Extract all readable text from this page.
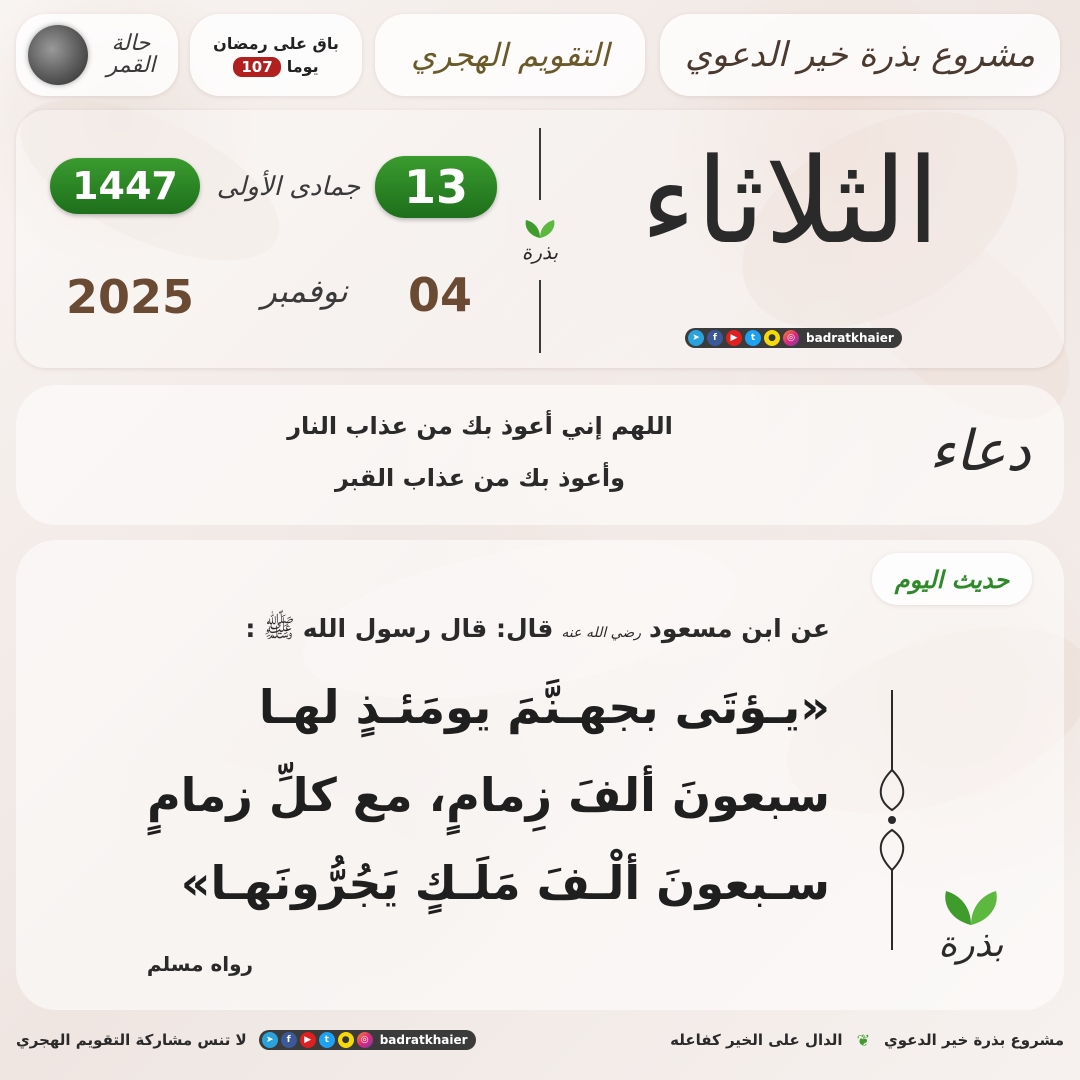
مشروع بذرة خير الدعوي
التقويم الهجري
باق على رمضان
يوما
107
حالة القمر
الثلاثاء
13
جمادى الأولى
1447
04
نوفمبر
2025
بذرة
➤	f	▶	t	●	◎ badratkhaier
دعاء
اللهم إني أعوذ بك من عذاب النار
وأعوذ بك من عذاب القبر
حديث اليوم
عن ابن مسعود
رضي الله عنه
قال: قال رسول الله
ﷺ
:
«يـؤتَى بجهـنَّمَ يومَئـذٍ لهـا
سبعونَ ألفَ زِمامٍ، مع كلِّ زمامٍ
سـبعونَ ألْـفَ مَلَـكٍ يَجُرُّونَهـا»
رواه مسلم	بذرة
مشروع بذرة خير الدعوي
❦
الدال على الخير كفاعله
➤	f	▶	t	●	◎ badratkhaier
لا تنس مشاركة التقويم الهجري
